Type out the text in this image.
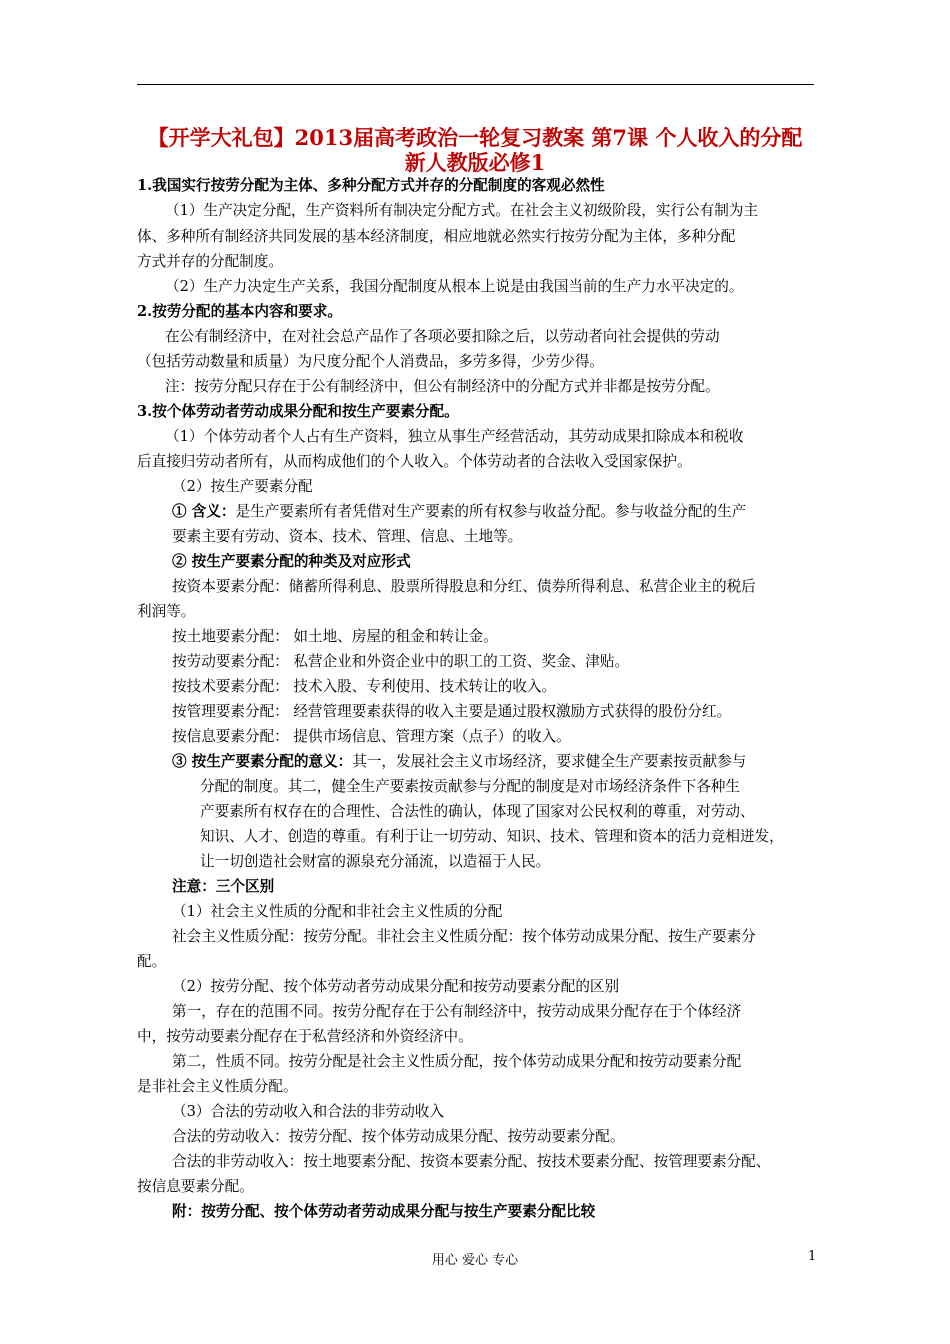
【开学大礼包】2013届高考政治一轮复习教案 第7课 个人收入的分配
新人教版必修1
1.我国实行按劳分配为主体、多种分配方式并存的分配制度的客观必然性
（1）生产决定分配，生产资料所有制决定分配方式。在社会主义初级阶段，实行公有制为主
体、多种所有制经济共同发展的基本经济制度，相应地就必然实行按劳分配为主体，多种分配
方式并存的分配制度。
（2）生产力决定生产关系，我国分配制度从根本上说是由我国当前的生产力水平决定的。
2.按劳分配的基本内容和要求。
在公有制经济中，在对社会总产品作了各项必要扣除之后，以劳动者向社会提供的劳动
（包括劳动数量和质量）为尺度分配个人消费品，多劳多得，少劳少得。
注：按劳分配只存在于公有制经济中，但公有制经济中的分配方式并非都是按劳分配。
3.按个体劳动者劳动成果分配和按生产要素分配。
（1）个体劳动者个人占有生产资料，独立从事生产经营活动，其劳动成果扣除成本和税收
后直接归劳动者所有，从而构成他们的个人收入。个体劳动者的合法收入受国家保护。
（2）按生产要素分配
① 含义：是生产要素所有者凭借对生产要素的所有权参与收益分配。参与收益分配的生产
要素主要有劳动、资本、技术、管理、信息、土地等。
② 按生产要素分配的种类及对应形式
按资本要素分配：储蓄所得利息、股票所得股息和分红、债券所得利息、私营企业主的税后
利润等。
按土地要素分配： 如土地、房屋的租金和转让金。
按劳动要素分配： 私营企业和外资企业中的职工的工资、奖金、津贴。
按技术要素分配： 技术入股、专利使用、技术转让的收入。
按管理要素分配： 经营管理要素获得的收入主要是通过股权激励方式获得的股份分红。
按信息要素分配： 提供市场信息、管理方案（点子）的收入。
③ 按生产要素分配的意义：其一，发展社会主义市场经济，要求健全生产要素按贡献参与
分配的制度。其二，健全生产要素按贡献参与分配的制度是对市场经济条件下各种生
产要素所有权存在的合理性、合法性的确认，体现了国家对公民权利的尊重，对劳动、
知识、人才、创造的尊重。有利于让一切劳动、知识、技术、管理和资本的活力竞相迸发，
让一切创造社会财富的源泉充分涌流，以造福于人民。
注意：三个区别
（1）社会主义性质的分配和非社会主义性质的分配
社会主义性质分配：按劳分配。非社会主义性质分配：按个体劳动成果分配、按生产要素分
配。
（2）按劳分配、按个体劳动者劳动成果分配和按劳动要素分配的区别
第一，存在的范围不同。按劳分配存在于公有制经济中，按劳动成果分配存在于个体经济
中，按劳动要素分配存在于私营经济和外资经济中。
第二，性质不同。按劳分配是社会主义性质分配，按个体劳动成果分配和按劳动要素分配
是非社会主义性质分配。
（3）合法的劳动收入和合法的非劳动收入
合法的劳动收入：按劳分配、按个体劳动成果分配、按劳动要素分配。
合法的非劳动收入：按土地要素分配、按资本要素分配、按技术要素分配、按管理要素分配、
按信息要素分配。
附：按劳分配、按个体劳动者劳动成果分配与按生产要素分配比较
用心 爱心 专心	1
